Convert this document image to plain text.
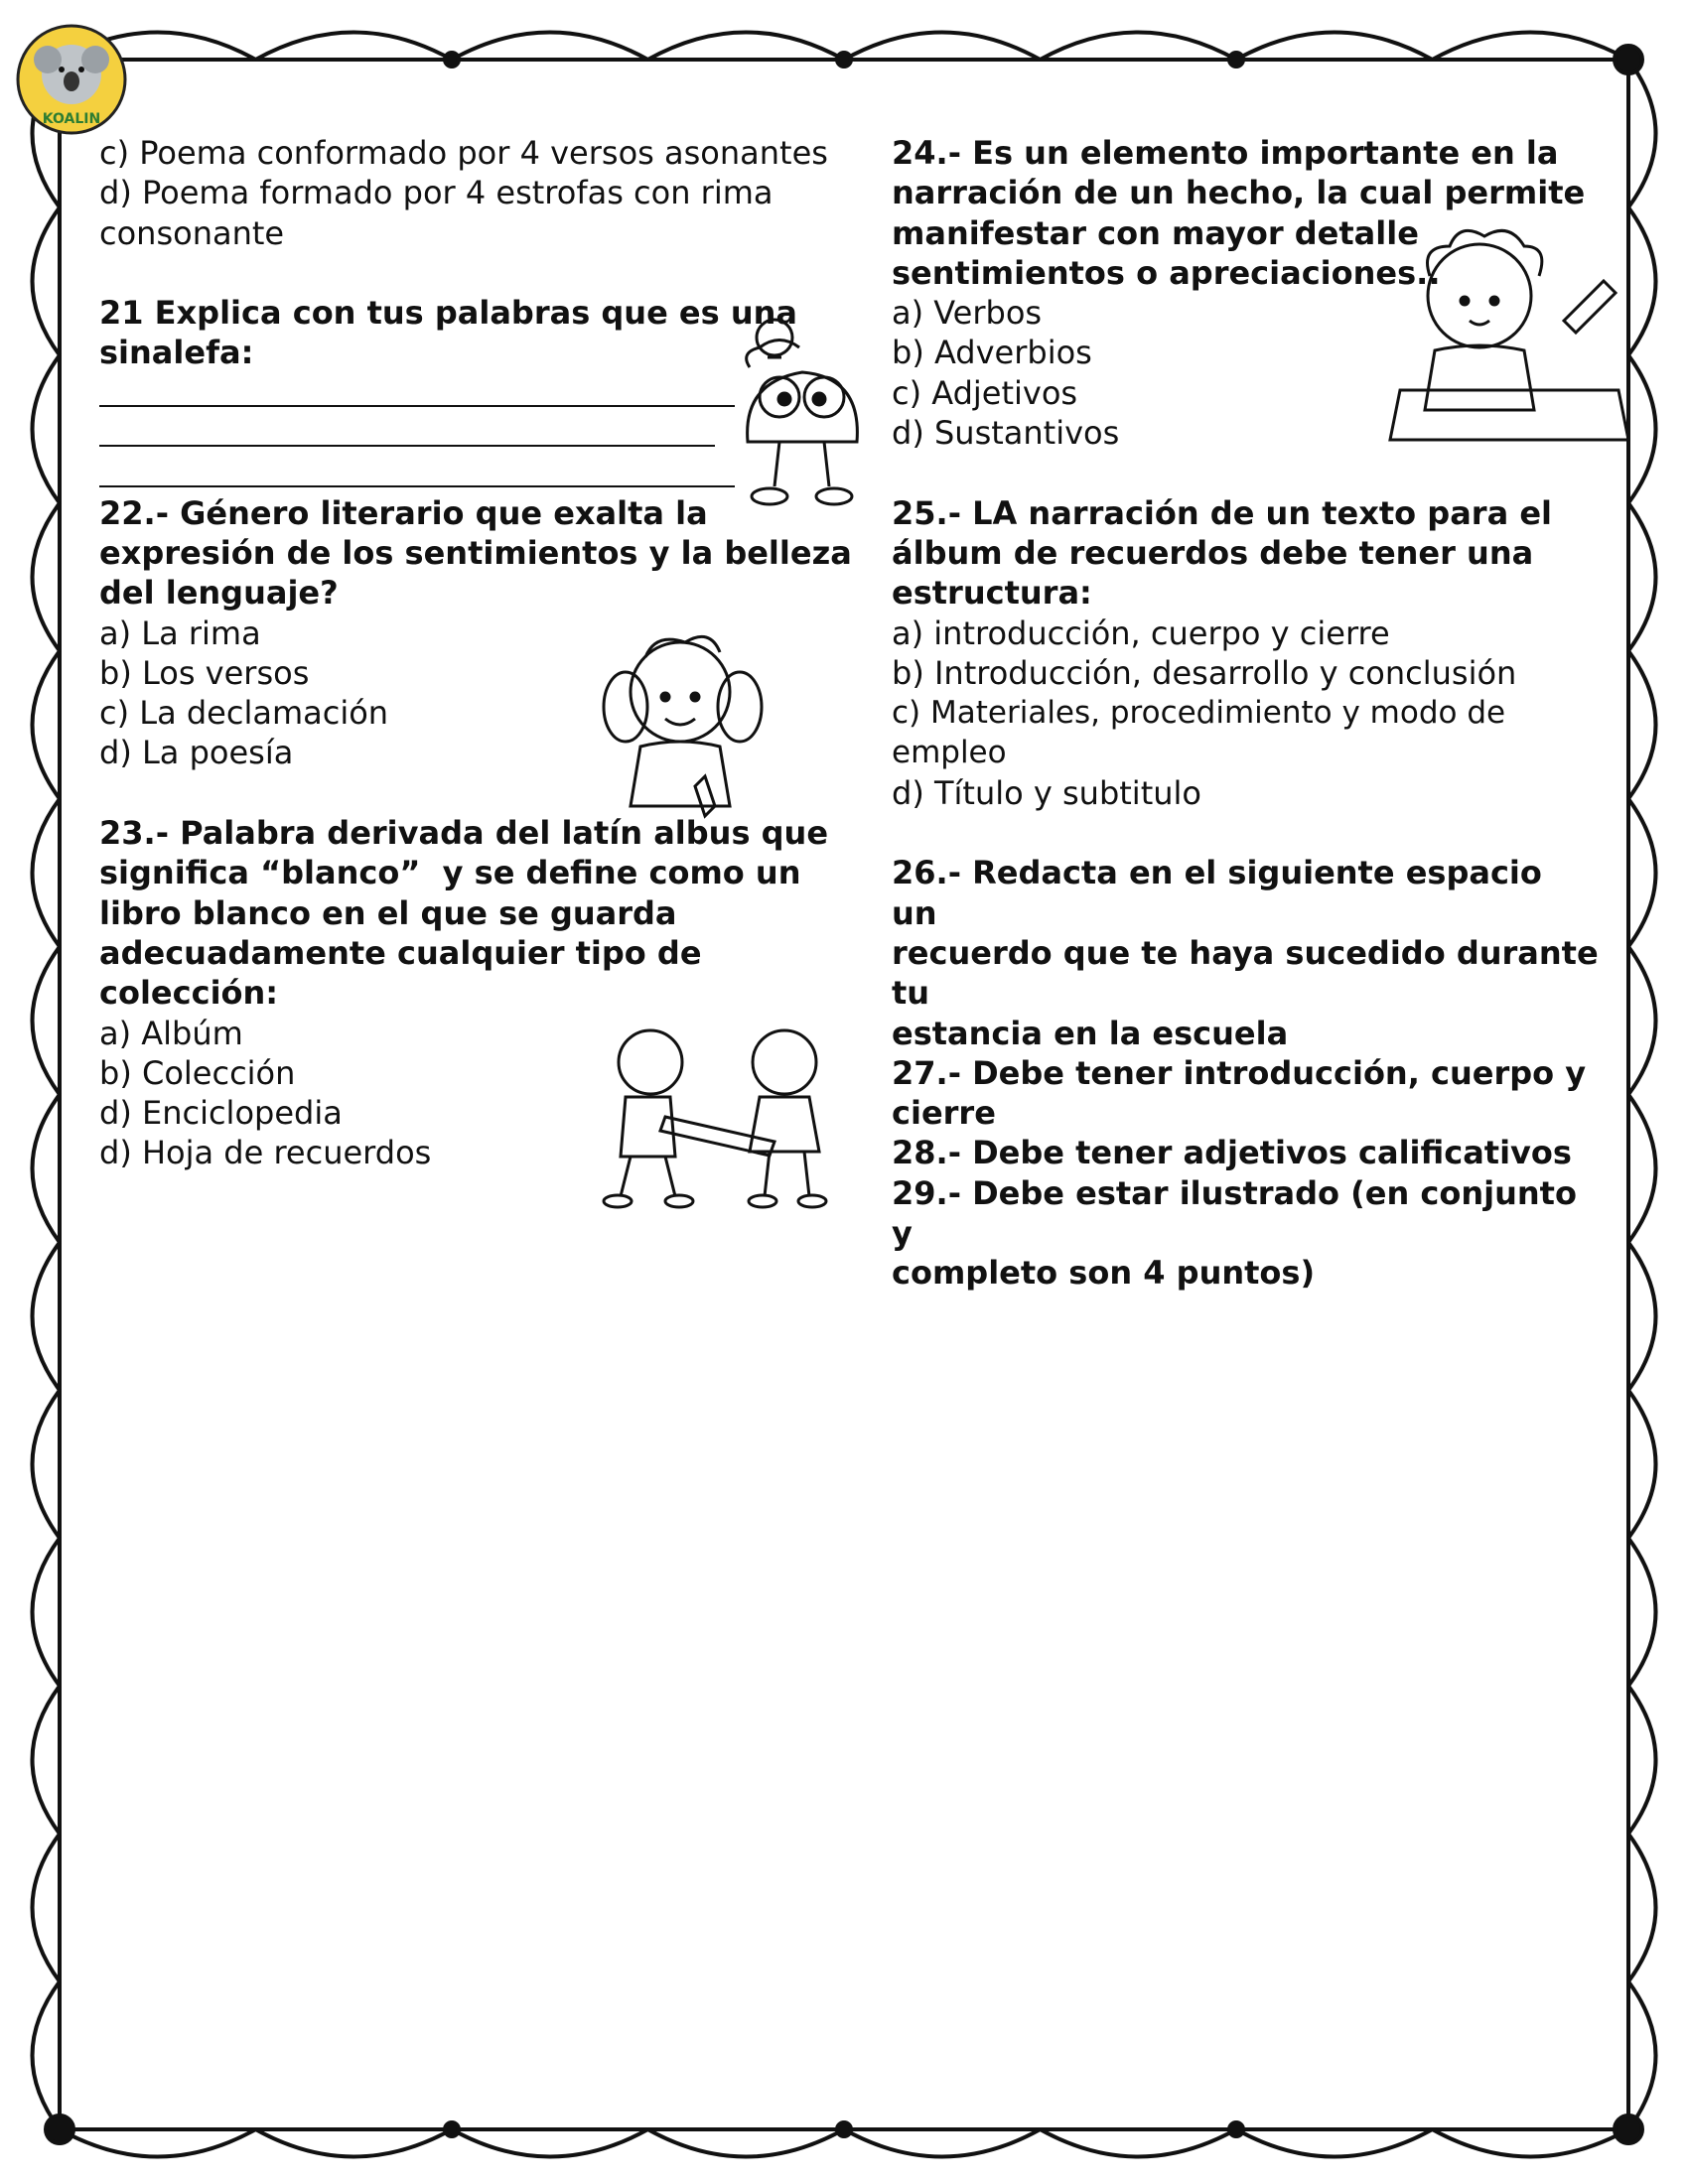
KOALIN

c) Poema conformado por 4 versos asonantes

d) Poema formado por 4 estrofas con rima

consonante

21 Explica con tus palabras que es una

sinalefa:

22.- Género literario que exalta la

expresión de los sentimientos y la belleza

del lenguaje?

a) La rima

b) Los versos

c) La declamación

d) La poesía

23.- Palabra derivada del latín albus que

significa “blanco”  y se define como un

libro blanco en el que se guarda

adecuadamente cualquier tipo de

colección:

a) Albúm

b) Colección

d) Enciclopedia

d) Hoja de recuerdos

24.- Es un elemento importante en la

narración de un hecho, la cual permite

manifestar con mayor detalle

sentimientos o apreciaciones..

a) Verbos

b) Adverbios

c) Adjetivos

d) Sustantivos

25.- LA narración de un texto para el

álbum de recuerdos debe tener una

estructura:

a) introducción, cuerpo y cierre

b) Introducción, desarrollo y conclusión

c) Materiales, procedimiento y modo de empleo

d) Título y subtitulo

26.- Redacta en el siguiente espacio  un

recuerdo que te haya sucedido durante tu

estancia en la escuela

27.- Debe tener introducción, cuerpo y

cierre

28.- Debe tener adjetivos calificativos

29.- Debe estar ilustrado (en conjunto y

completo son 4 puntos)
